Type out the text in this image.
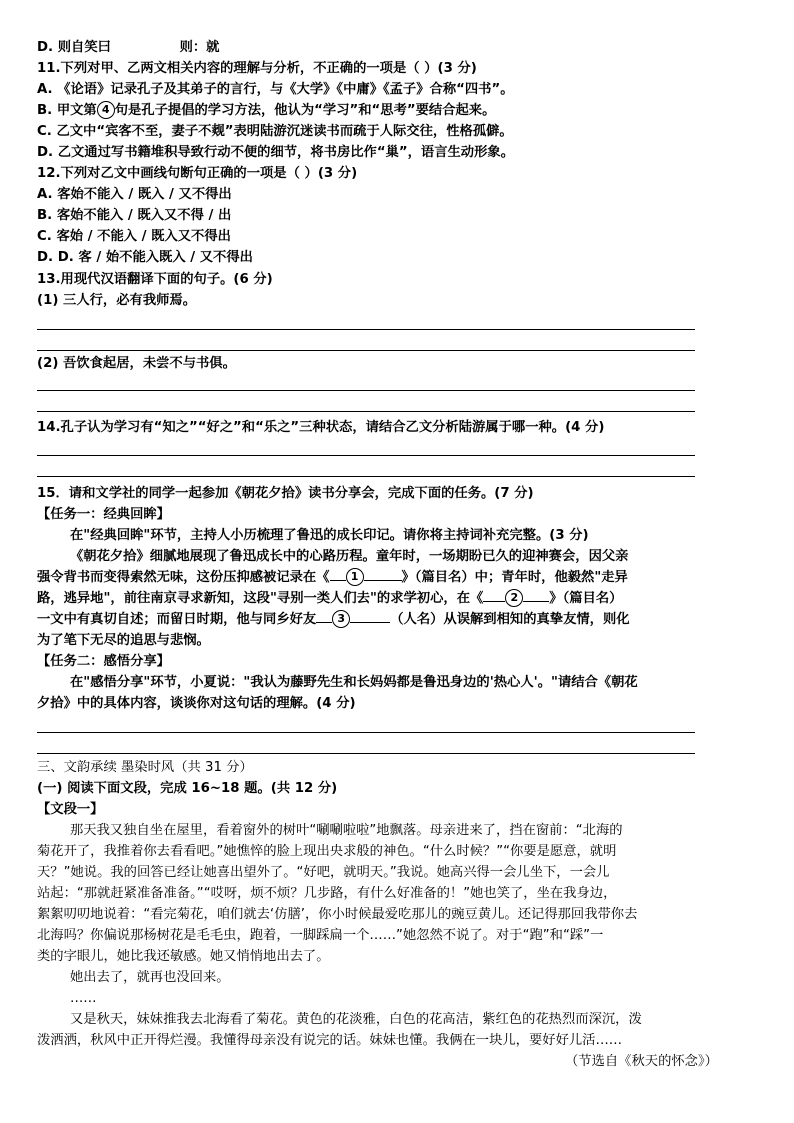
D. 则自笑曰	则：就
11.下列对甲、乙两文相关内容的理解与分析，不正确的一项是（ ）(3 分)
A. 《论语》记录孔子及其弟子的言行，与《大学》《中庸》《孟子》合称“四书”。
B. 甲文第 4 句是孔子提倡的学习方法，他认为“学习”和“思考”要结合起来。
C. 乙文中“宾客不至，妻子不觌”表明陆游沉迷读书而疏于人际交往，性格孤僻。
D. 乙文通过写书籍堆积导致行动不便的细节，将书房比作“巢”，语言生动形象。
12.下列对乙文中画线句断句正确的一项是（ ）(3 分)
A. 客始不能入 / 既入 / 又不得出
B. 客始不能入 / 既入又不得 / 出
C. 客始 / 不能入 / 既入又不得出
D. D. 客 / 始不能入既入 / 又不得出
13.用现代汉语翻译下面的句子。(6 分)
(1) 三人行，必有我师焉。
(2) 吾饮食起居，未尝不与书俱。
14.孔子认为学习有“知之”“好之”和“乐之”三种状态，请结合乙文分析陆游属于哪一种。(4 分)
15．请和文学社的同学一起参加《朝花夕拾》读书分享会，完成下面的任务。(7 分)
【任务一：经典回眸】
在"经典回眸"环节，主持人小历梳理了鲁迅的成长印记。请你将主持词补充完整。(3 分)
《朝花夕拾》细腻地展现了鲁迅成长中的心路历程。童年时，一场期盼已久的迎神赛会，因父亲
强令背书而变得索然无味，这份压抑感被记录在《 1	》（篇目名）中；青年时，他毅然"走异
路，逃异地"，前往南京寻求新知，这段"寻别一类人们去"的求学初心，在《 2 》（篇目名）
一文中有真切自述；而留日时期，他与同乡好友 3	（人名）从误解到相知的真挚友情，则化
为了笔下无尽的追思与悲悯。
【任务二：感悟分享】
在"感悟分享"环节，小夏说："我认为藤野先生和长妈妈都是鲁迅身边的'热心人'。"请结合《朝花
夕拾》中的具体内容，谈谈你对这句话的理解。(4 分)
三、文韵承续 墨染时风（共 31 分）
(一) 阅读下面文段，完成 16~18 题。(共 12 分)
【文段一】
那天我又独自坐在屋里，看着窗外的树叶“唰唰啦啦”地飘落。母亲进来了，挡在窗前：“北海的
菊花开了，我推着你去看看吧。”她憔悴的脸上现出央求般的神色。“什么时候？”“你要是愿意，就明
天？”她说。我的回答已经让她喜出望外了。“好吧，就明天。”我说。她高兴得一会儿坐下，一会儿
站起：“那就赶紧准备准备。”“哎呀，烦不烦？几步路，有什么好准备的！”她也笑了，坐在我身边，
絮絮叨叨地说着：“看完菊花，咱们就去‘仿膳’，你小时候最爱吃那儿的豌豆黄儿。还记得那回我带你去
北海吗？你偏说那杨树花是毛毛虫，跑着，一脚踩扁一个……”她忽然不说了。对于“跑”和“踩”一
类的字眼儿，她比我还敏感。她又悄悄地出去了。
她出去了，就再也没回来。
……
又是秋天，妹妹推我去北海看了菊花。黄色的花淡雅，白色的花高洁，紫红色的花热烈而深沉，泼
泼洒洒，秋风中正开得烂漫。我懂得母亲没有说完的话。妹妹也懂。我俩在一块儿，要好好儿活……
（节选自《秋天的怀念》）
